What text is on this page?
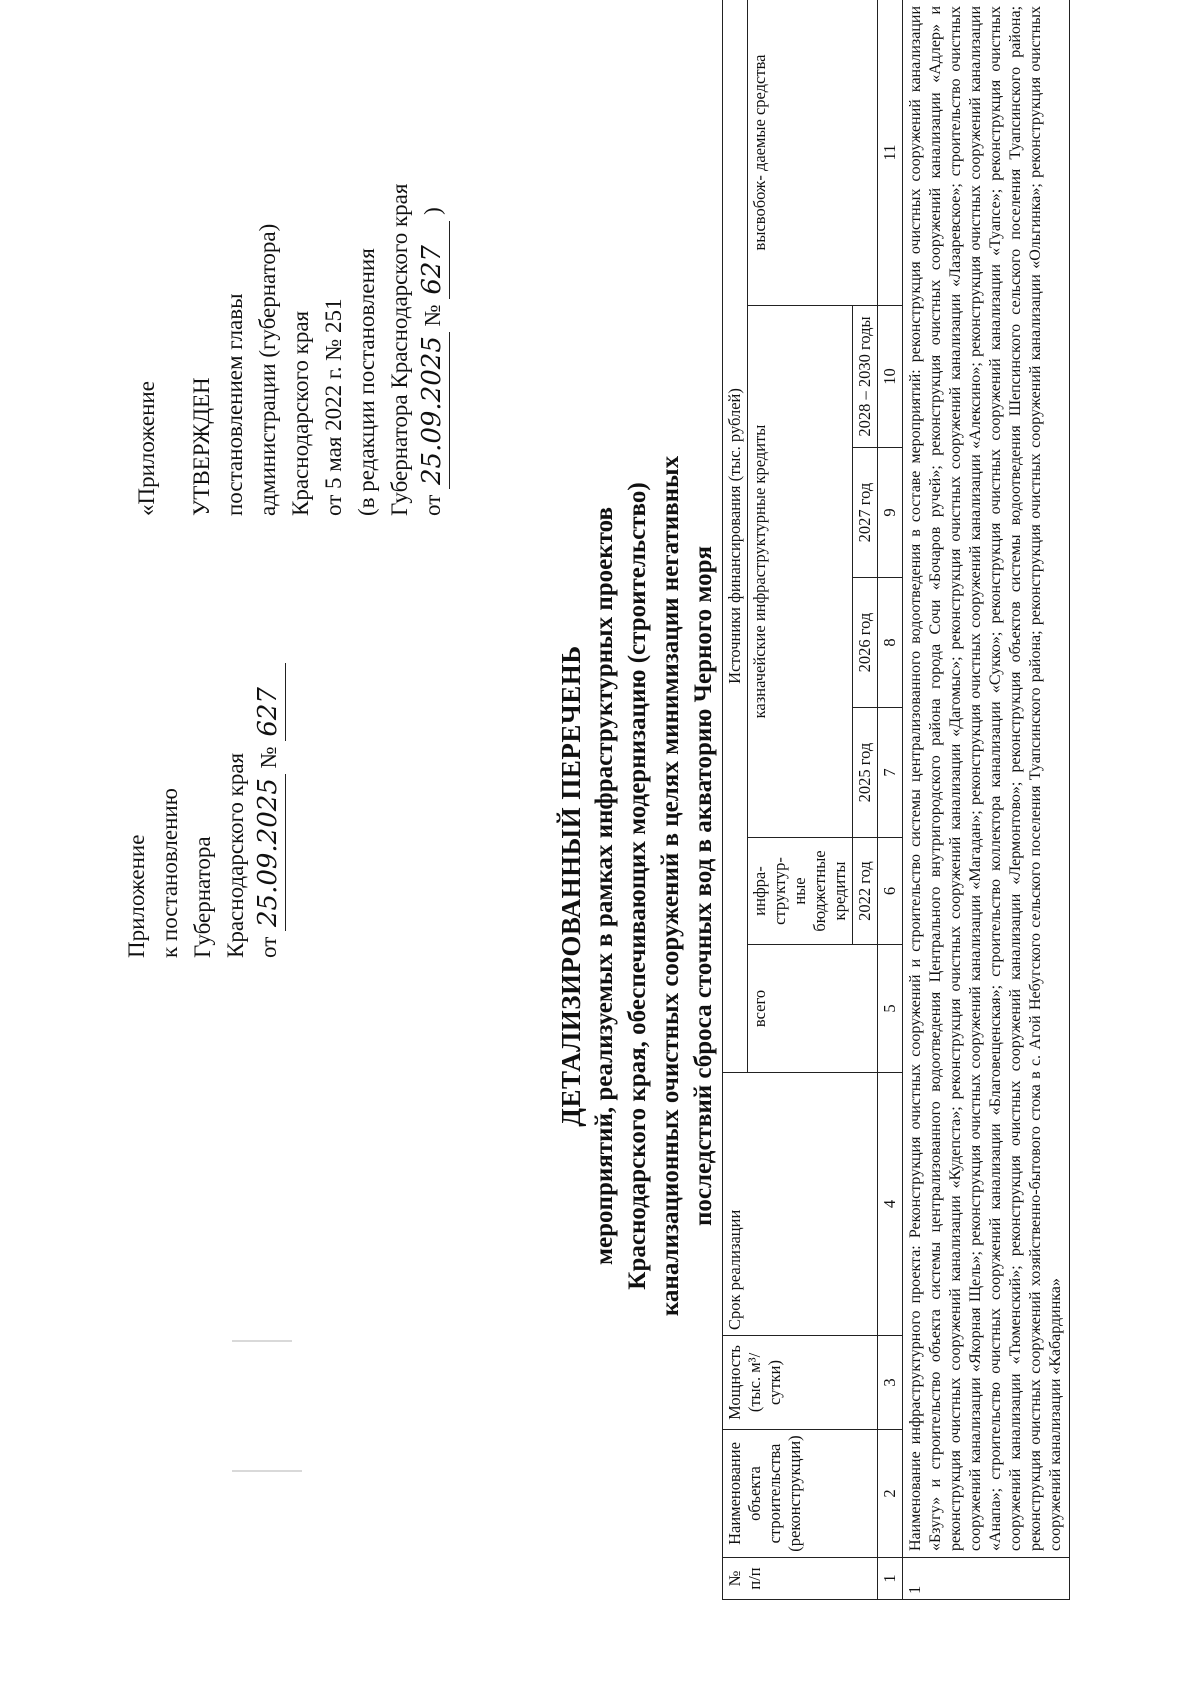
«Приложение
Приложение к постановлению Губернатора Краснодарского края от 25.09.2025 № 627
УТВЕРЖДЕН постановлением главы администрации (губернатора) Краснодарского края от 5 мая 2022 г. № 251 (в редакции постановления Губернатора Краснодарского края от 25.09.2025 № 627 )
ДЕТАЛИЗИРОВАННЫЙ ПЕРЕЧЕНЬ мероприятий, реализуемых в рамках инфраструктурных проектов Краснодарского края, обеспечивающих модернизацию (строительство) канализационных очистных сооружений в целях минимизации негативных последствий сброса сточных вод в акваторию Черного моря
№ п/п	Наименование объекта строительства (реконструкции)	Мощность (тыс. м³/ сутки)	Срок реализации	Источники финансирования (тыс. рублей)						
				всего	инфра- структур- ные бюджетные кредиты	казначейские инфраструктурные кредиты				высвобож- даемые средства
					2022 год	2025 год	2026 год	2027 год	2028 – 2030 годы	
1	2	3	4	5	6	7	8	9	10	11
1	Наименование инфраструктурного проекта: Реконструкция очистных сооружений и строительство системы централизованного водоотведения в составе мероприятий: реконструкция очистных сооружений канализации «Бзугу» и строительство объекта системы централизованного водоотведения Центрального внутригородского района города Сочи «Бочаров ручей»; реконструкция очистных сооружений канализации «Адлер» и реконструкция очистных сооружений канализации «Кудепста»; реконструкция очистных сооружений канализации «Дагомыс»; реконструкция очистных сооружений канализации «Лазаревское»; строительство очистных сооружений канализации «Якорная Щель»; реконструкция очистных сооружений канализации «Магадан»; реконструкция очистных сооружений канализации «Алексино»; реконструкция очистных сооружений канализации «Анапа»; строительство очистных сооружений канализации «Благовещенская»; строительство коллектора канализации «Сукко»; реконструкция очистных сооружений канализации «Туапсе»; реконструкция очистных сооружений канализации «Тюменский»; реконструкция очистных сооружений канализации «Лермонтово»; реконструкция объектов системы водоотведения Шепсинского сельского поселения Туапсинского района; реконструкция очистных сооружений хозяйственно-бытового стока в с. Агой Небугского сельского поселения Туапсинского района; реконструкция очистных сооружений канализации «Ольгинка»; реконструкция очистных сооружений канализации «Кабардинка»									
